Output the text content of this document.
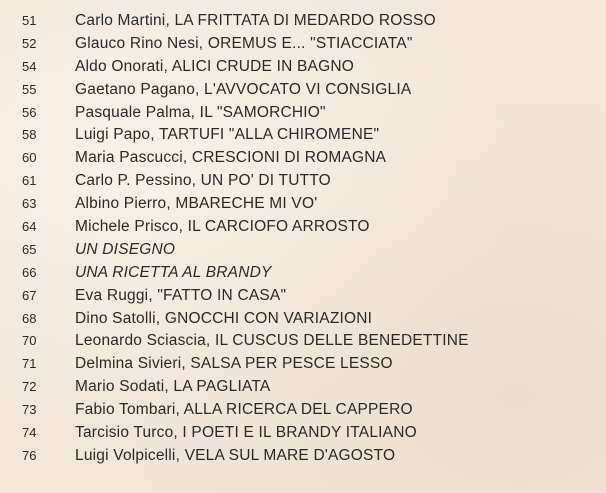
51	Carlo Martini, LA FRITTATA DI MEDARDO ROSSO
52	Glauco Rino Nesi, OREMUS E... "STIACCIATA"
54	Aldo Onorati, ALICI CRUDE IN BAGNO
55	Gaetano Pagano, L'AVVOCATO VI CONSIGLIA
56	Pasquale Palma, IL "SAMORCHIO"
58	Luigi Papo, TARTUFI "ALLA CHIROMENE"
60	Maria Pascucci, CRESCIONI DI ROMAGNA
61	Carlo P. Pessino, UN PO' DI TUTTO
63	Albino Pierro, MBARECHE MI VO'
64	Michele Prisco, IL CARCIOFO ARROSTO
65	UN DISEGNO
66	UNA RICETTA AL BRANDY
67	Eva Ruggi, "FATTO IN CASA"
68	Dino Satolli, GNOCCHI CON VARIAZIONI
70	Leonardo Sciascia, IL CUSCUS DELLE BENEDETTINE
71	Delmina Sivieri, SALSA PER PESCE LESSO
72	Mario Sodati, LA PAGLIATA
73	Fabio Tombari, ALLA RICERCA DEL CAPPERO
74	Tarcisio Turco, I POETI E IL BRANDY ITALIANO
76	Luigi Volpicelli, VELA SUL MARE D'AGOSTO
